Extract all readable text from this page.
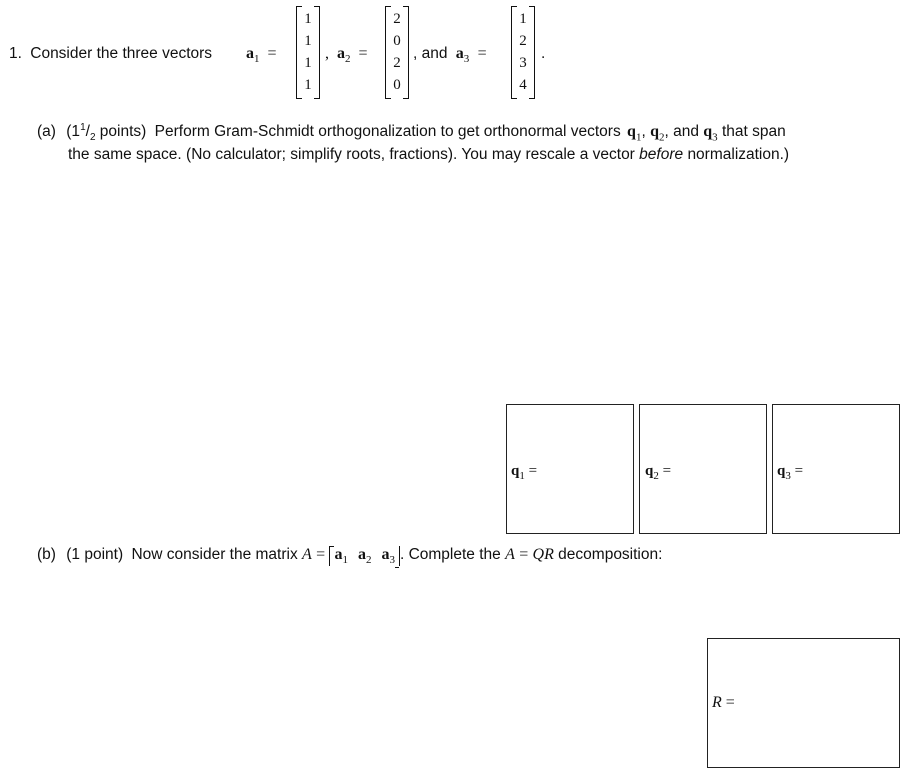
1. Consider the three vectors $a_1$ =
1
1
1
1
, $a_2$ =
2
0
2
0
, and $a_3$ =
1
2
3
4
.
(a) ($1^1/_2$ points) Perform Gram-Schmidt orthogonalization to get orthonormal vectors $q_1$, $q_2$, and $q_3$ that span
the same space. (No calculator; simplify roots, fractions). You may rescale a vector before normalization.)
$q_1$ =	$q_2$ =	$q_3$ =
(b) (1 point) Now consider the matrix $A = a_1$ $a_2$ $a_3$ . Complete the A = QR decomposition:
R =
